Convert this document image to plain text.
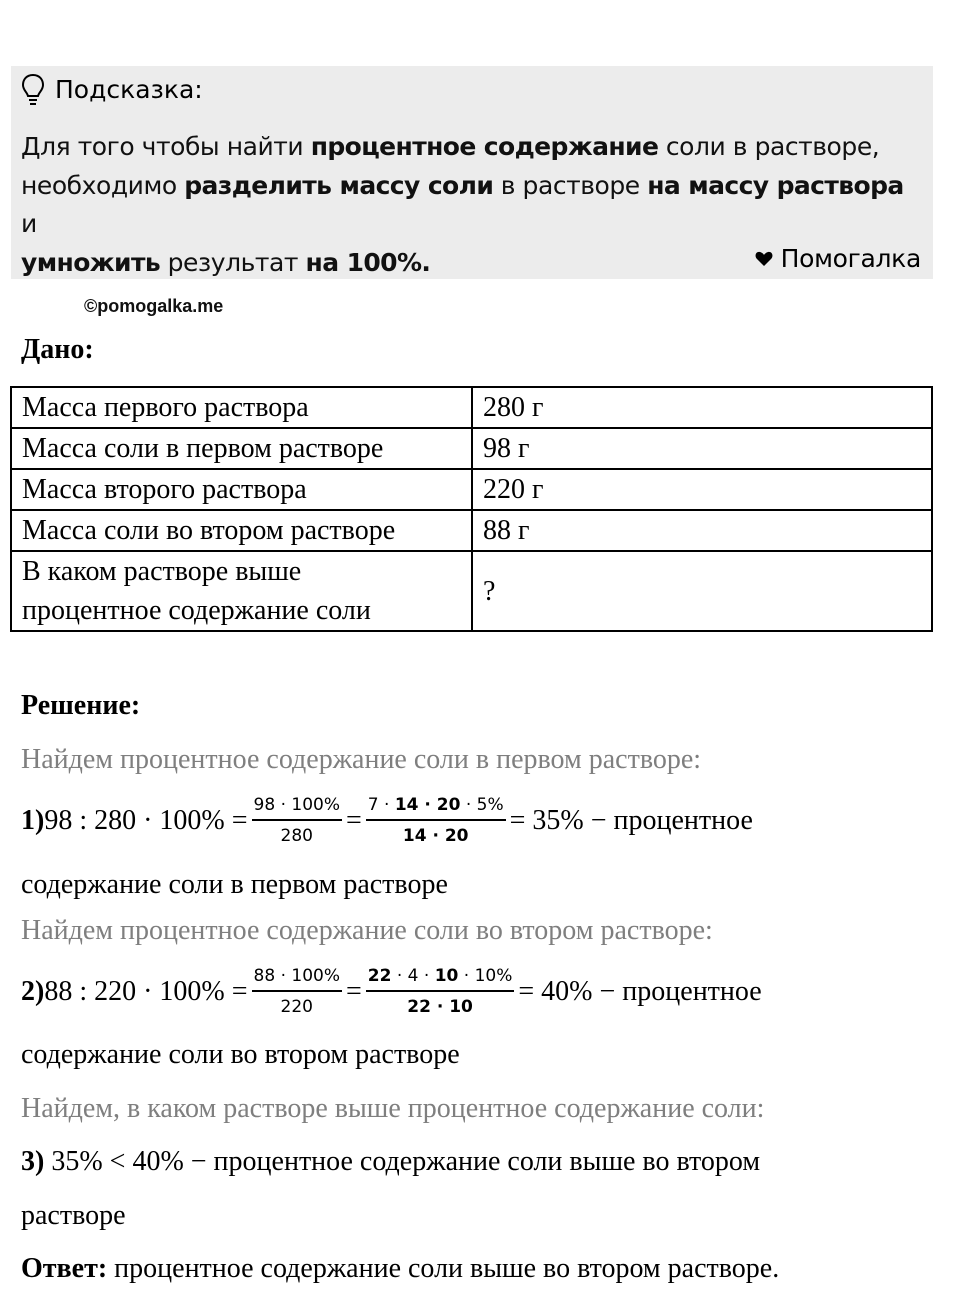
Подсказка:
Для того чтобы найти процентное содержание соли в растворе,
необходимо разделить массу соли в растворе на массу раствора и
умножить результат на 100%.	Помогалка
©pomogalka.me
Дано:
Масса первого раствора	280 г
Масса соли в первом растворе	98 г
Масса второго раствора	220 г
Масса соли во втором растворе	88 г

В каком растворе выше
процентное содержание соли	?
Решение:
Найдем процентное содержание соли в первом растворе:
1) 98 : $280 \cdot 100\% = \frac{98 \cdot 100\%}{280} = \frac{7 \cdot 14 \cdot 20 \cdot 5\%}{14 \cdot 20} = 35\%$ − процентное
содержание соли в первом растворе
Найдем процентное содержание соли во втором растворе:
2) 88 : $220 \cdot 100\% = \frac{88 \cdot 100\%}{220} = \frac{22 \cdot 4 \cdot 10 \cdot 10\%}{22 \cdot 10} = 40\%$ − процентное
содержание соли во втором растворе
Найдем, в каком растворе выше процентное содержание соли:
3) 35% < 40% − процентное содержание соли выше во втором
растворе
Ответ: процентное содержание соли выше во втором растворе.
